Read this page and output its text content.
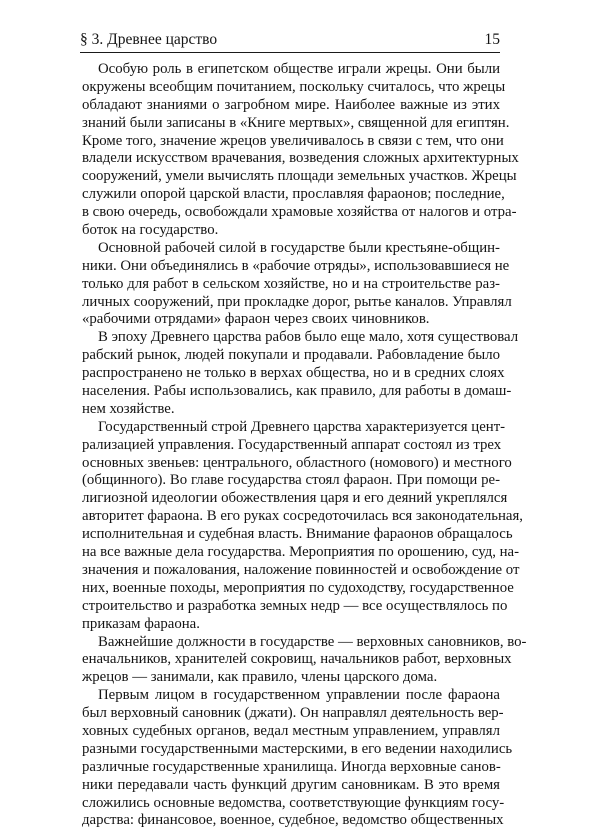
§ 3. Древнее царство	15
Особую роль в египетском обществе играли жрецы. Они были
окружены всеобщим почитанием, поскольку считалось, что жрецы
обладают знаниями о загробном мире. Наиболее важные из этих
знаний были записаны в «Книге мертвых», священной для египтян.
Кроме того, значение жрецов увеличивалось в связи с тем, что они
владели искусством врачевания, возведения сложных архитектурных
сооружений, умели вычислять площади земельных участков. Жрецы
служили опорой царской власти, прославляя фараонов; последние,
в свою очередь, освобождали храмовые хозяйства от налогов и отра-
боток на государство.
Основной рабочей силой в государстве были крестьяне-общин-
ники. Они объединялись в «рабочие отряды», использовавшиеся не
только для работ в сельском хозяйстве, но и на строительстве раз-
личных сооружений, при прокладке дорог, рытье каналов. Управлял
«рабочими отрядами» фараон через своих чиновников.
В эпоху Древнего царства рабов было еще мало, хотя существовал
рабский рынок, людей покупали и продавали. Рабовладение было
распространено не только в верхах общества, но и в средних слоях
населения. Рабы использовались, как правило, для работы в домаш-
нем хозяйстве.
Государственный строй Древнего царства характеризуется цент-
рализацией управления. Государственный аппарат состоял из трех
основных звеньев: центрального, областного (номового) и местного
(общинного). Во главе государства стоял фараон. При помощи ре-
лигиозной идеологии обожествления царя и его деяний укреплялся
авторитет фараона. В его руках сосредоточилась вся законодательная,
исполнительная и судебная власть. Внимание фараонов обращалось
на все важные дела государства. Мероприятия по орошению, суд, на-
значения и пожалования, наложение повинностей и освобождение от
них, военные походы, мероприятия по судоходству, государственное
строительство и разработка земных недр — все осуществлялось по
приказам фараона.
Важнейшие должности в государстве — верховных сановников, во-
еначальников, хранителей сокровищ, начальников работ, верховных
жрецов — занимали, как правило, члены царского дома.
Первым лицом в государственном управлении после фараона
был верховный сановник (джати). Он направлял деятельность вер-
ховных судебных органов, ведал местным управлением, управлял
разными государственными мастерскими, в его ведении находились
различные государственные хранилища. Иногда верховные санов-
ники передавали часть функций другим сановникам. В это время
сложились основные ведомства, соответствующие функциям госу-
дарства: финансовое, военное, судебное, ведомство общественных
